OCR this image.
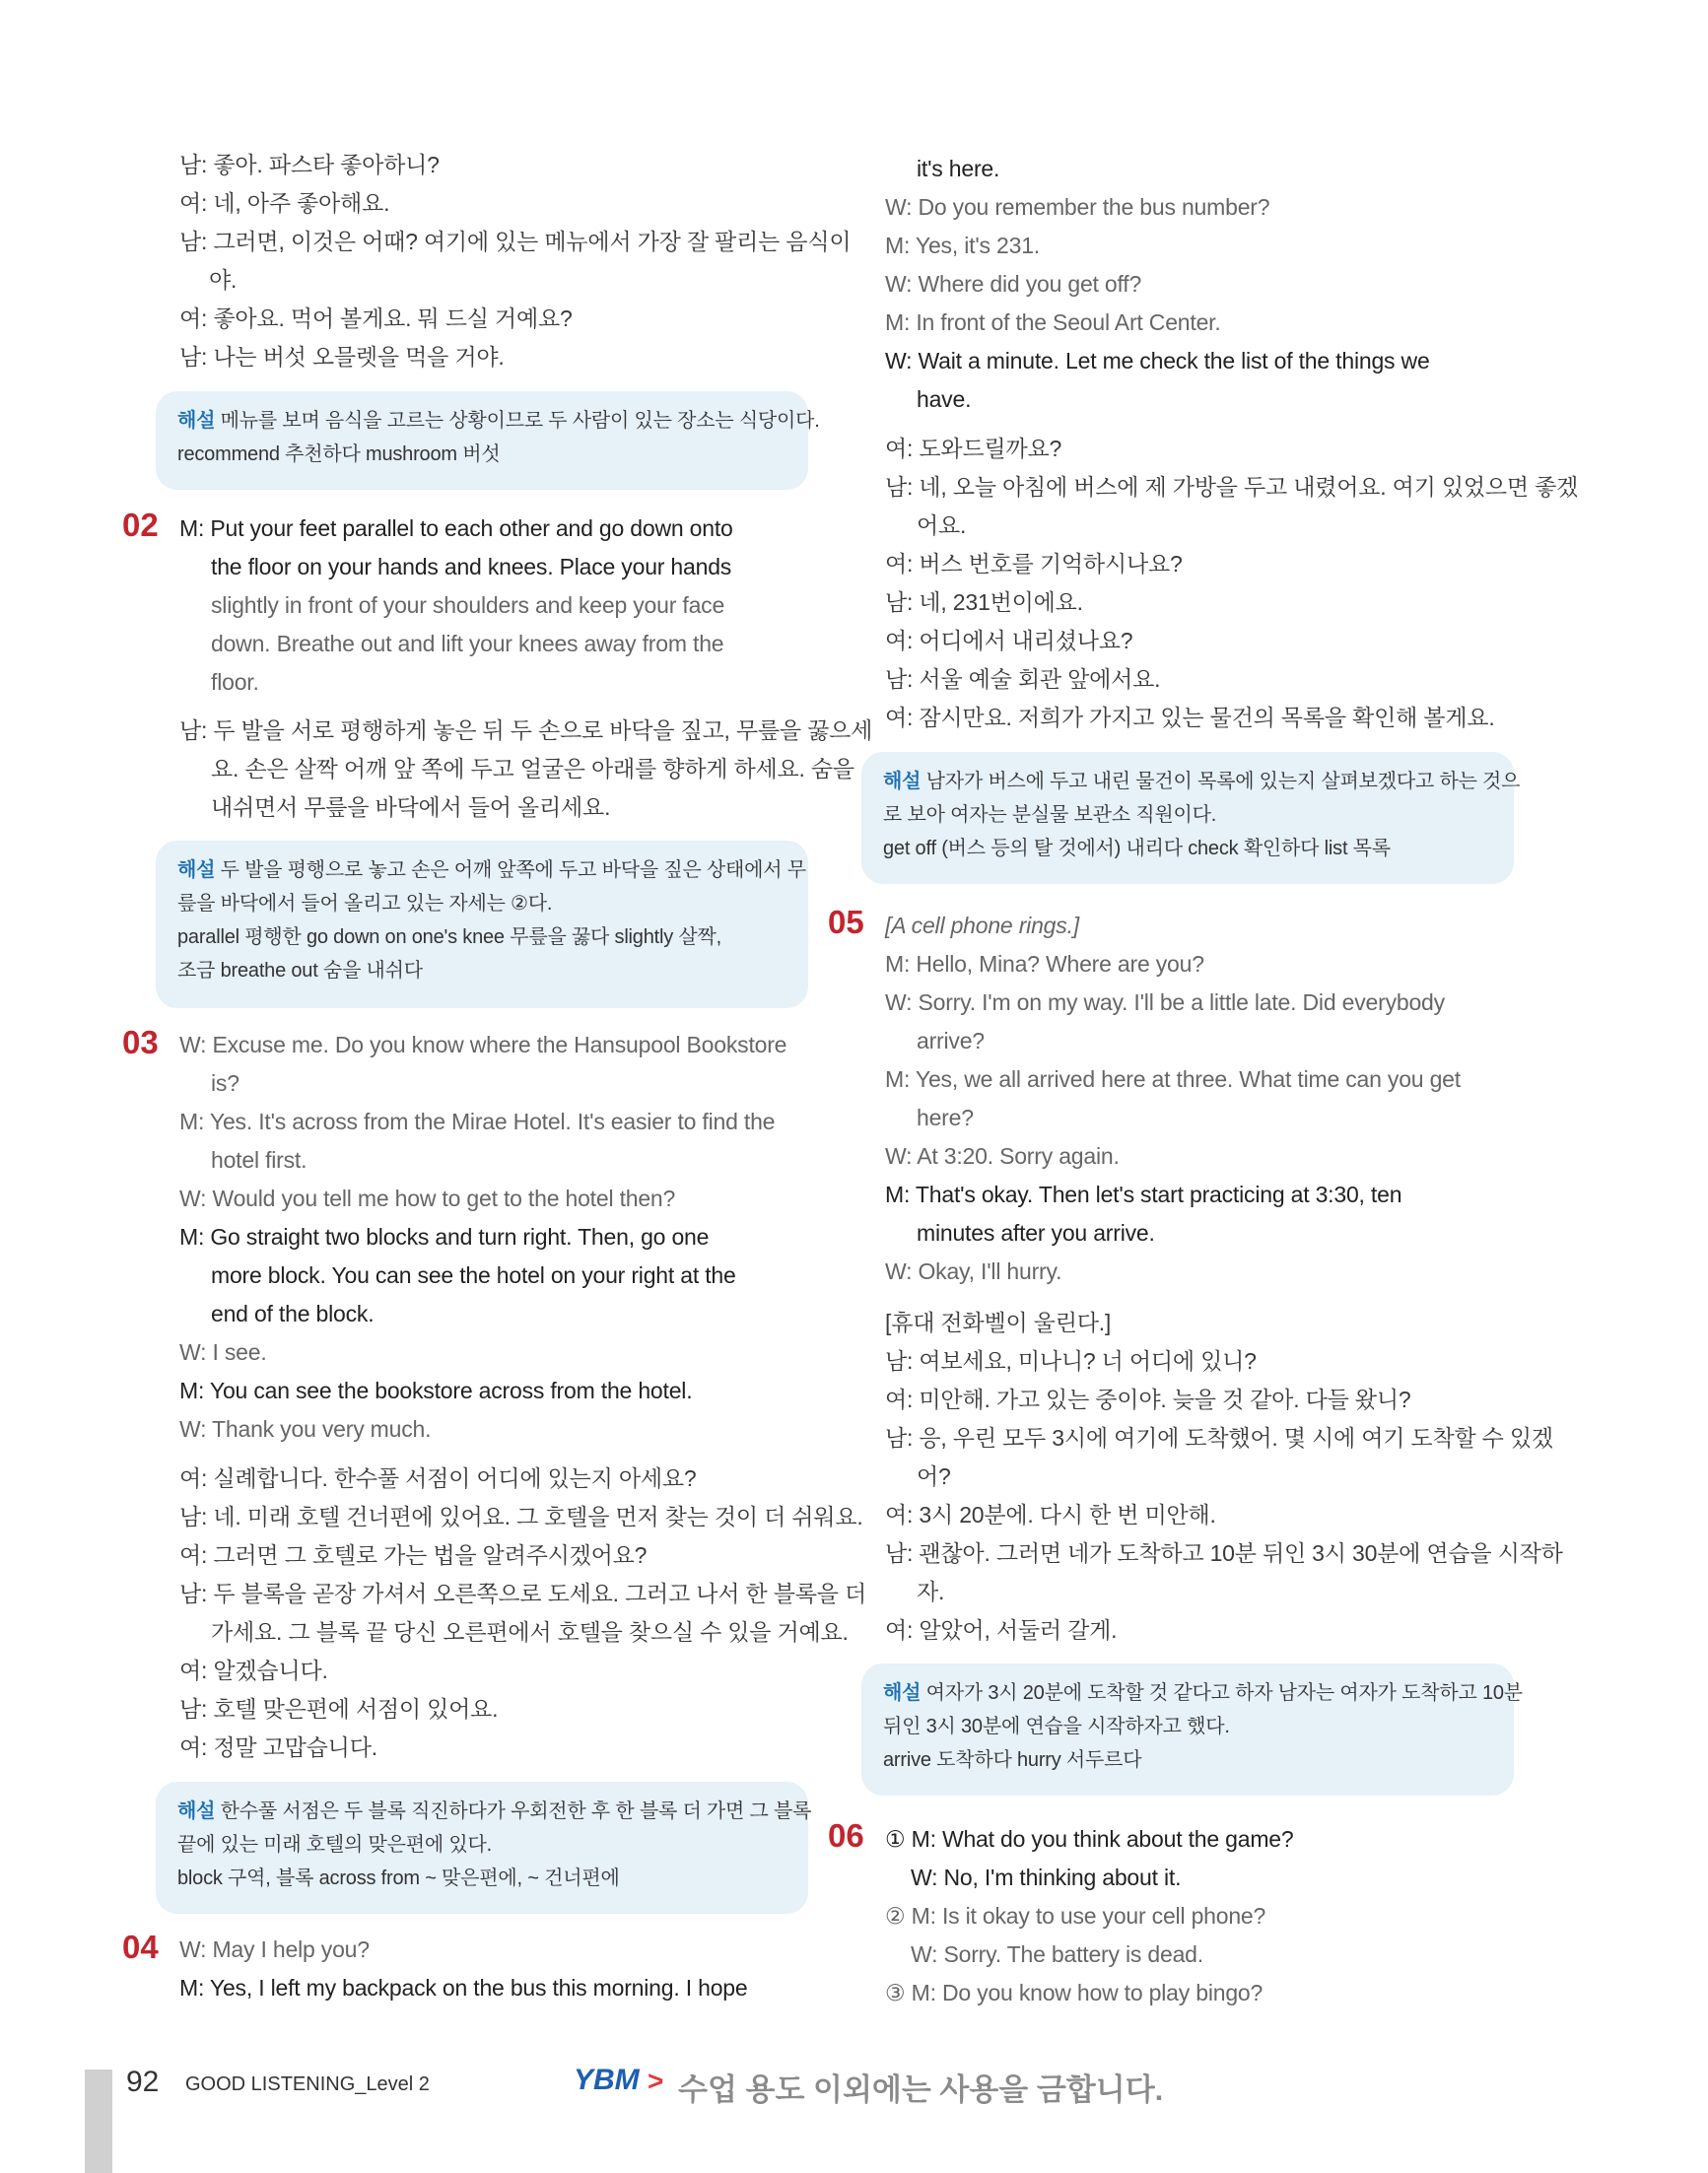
남: 좋아. 파스타 좋아하니?
여: 네, 아주 좋아해요.
남: 그러면, 이것은 어때? 여기에 있는 메뉴에서 가장 잘 팔리는 음식이
야.
여: 좋아요. 먹어 볼게요. 뭐 드실 거예요?
남: 나는 버섯 오믈렛을 먹을 거야.
해설 메뉴를 보며 음식을 고르는 상황이므로 두 사람이 있는 장소는 식당이다.
recommend 추천하다 mushroom 버섯
02 M: Put your feet parallel to each other and go down onto
the floor on your hands and knees. Place your hands
slightly in front of your shoulders and keep your face
down. Breathe out and lift your knees away from the
floor.
남: 두 발을 서로 평행하게 놓은 뒤 두 손으로 바닥을 짚고, 무릎을 꿇으세
요. 손은 살짝 어깨 앞 쪽에 두고 얼굴은 아래를 향하게 하세요. 숨을
내쉬면서 무릎을 바닥에서 들어 올리세요.
해설 두 발을 평행으로 놓고 손은 어깨 앞쪽에 두고 바닥을 짚은 상태에서 무
릎을 바닥에서 들어 올리고 있는 자세는 ②다.
parallel 평행한 go down on one's knee 무릎을 꿇다 slightly 살짝,
조금 breathe out 숨을 내쉬다
03 W: Excuse me. Do you know where the Hansupool Bookstore
is?
M: Yes. It's across from the Mirae Hotel. It's easier to find the
hotel first.
W: Would you tell me how to get to the hotel then?
M: Go straight two blocks and turn right. Then, go one
more block. You can see the hotel on your right at the
end of the block.
W: I see.
M: You can see the bookstore across from the hotel.
W: Thank you very much.
여: 실례합니다. 한수풀 서점이 어디에 있는지 아세요?
남: 네. 미래 호텔 건너편에 있어요. 그 호텔을 먼저 찾는 것이 더 쉬워요.
여: 그러면 그 호텔로 가는 법을 알려주시겠어요?
남: 두 블록을 곧장 가셔서 오른쪽으로 도세요. 그러고 나서 한 블록을 더
가세요. 그 블록 끝 당신 오른편에서 호텔을 찾으실 수 있을 거예요.
여: 알겠습니다.
남: 호텔 맞은편에 서점이 있어요.
여: 정말 고맙습니다.
해설 한수풀 서점은 두 블록 직진하다가 우회전한 후 한 블록 더 가면 그 블록
끝에 있는 미래 호텔의 맞은편에 있다.
block 구역, 블록 across from ~ 맞은편에, ~ 건너편에
04 W: May I help you?
M: Yes, I left my backpack on the bus this morning. I hope
it's here.
W: Do you remember the bus number?
M: Yes, it's 231.
W: Where did you get off?
M: In front of the Seoul Art Center.
W: Wait a minute. Let me check the list of the things we
have.
여: 도와드릴까요?
남: 네, 오늘 아침에 버스에 제 가방을 두고 내렸어요. 여기 있었으면 좋겠
어요.
여: 버스 번호를 기억하시나요?
남: 네, 231번이에요.
여: 어디에서 내리셨나요?
남: 서울 예술 회관 앞에서요.
여: 잠시만요. 저희가 가지고 있는 물건의 목록을 확인해 볼게요.
해설 남자가 버스에 두고 내린 물건이 목록에 있는지 살펴보겠다고 하는 것으
로 보아 여자는 분실물 보관소 직원이다.
get off (버스 등의 탈 것에서) 내리다 check 확인하다 list 목록
05 [A cell phone rings.]
M: Hello, Mina? Where are you?
W: Sorry. I'm on my way. I'll be a little late. Did everybody
arrive?
M: Yes, we all arrived here at three. What time can you get
here?
W: At 3:20. Sorry again.
M: That's okay. Then let's start practicing at 3:30, ten
minutes after you arrive.
W: Okay, I'll hurry.
[휴대 전화벨이 울린다.]
남: 여보세요, 미나니? 너 어디에 있니?
여: 미안해. 가고 있는 중이야. 늦을 것 같아. 다들 왔니?
남: 응, 우린 모두 3시에 여기에 도착했어. 몇 시에 여기 도착할 수 있겠
어?
여: 3시 20분에. 다시 한 번 미안해.
남: 괜찮아. 그러면 네가 도착하고 10분 뒤인 3시 30분에 연습을 시작하
자.
여: 알았어, 서둘러 갈게.
해설 여자가 3시 20분에 도착할 것 같다고 하자 남자는 여자가 도착하고 10분
뒤인 3시 30분에 연습을 시작하자고 했다.
arrive 도착하다 hurry 서두르다
06 ① M: What do you think about the game?
W: No, I'm thinking about it.
② M: Is it okay to use your cell phone?
W: Sorry. The battery is dead.
③ M: Do you know how to play bingo?
92 GOOD LISTENING_Level 2	YBM > 수업 용도 이외에는 사용을 금합니다.
